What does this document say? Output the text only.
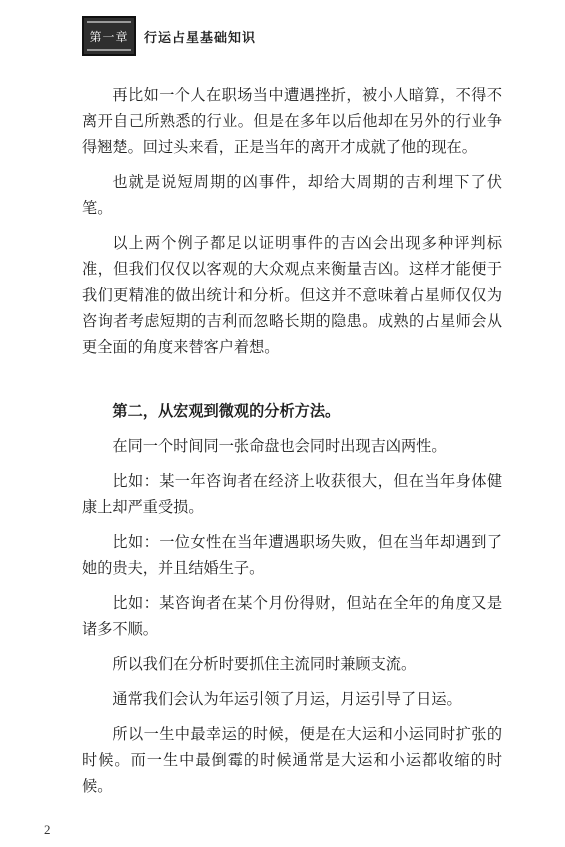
第一章 行运占星基础知识

再比如一个人在职场当中遭遇挫折，被小人暗算，不得不离开自己所熟悉的行业。但是在多年以后他却在另外的行业争得翘楚。回过头来看，正是当年的离开才成就了他的现在。

也就是说短周期的凶事件，却给大周期的吉利埋下了伏笔。

以上两个例子都足以证明事件的吉凶会出现多种评判标准，但我们仅仅以客观的大众观点来衡量吉凶。这样才能便于我们更精准的做出统计和分析。但这并不意味着占星师仅仅为咨询者考虑短期的吉利而忽略长期的隐患。成熟的占星师会从更全面的角度来替客户着想。

第二，从宏观到微观的分析方法。

在同一个时间同一张命盘也会同时出现吉凶两性。

比如：某一年咨询者在经济上收获很大，但在当年身体健康上却严重受损。

比如：一位女性在当年遭遇职场失败，但在当年却遇到了她的贵夫，并且结婚生子。

比如：某咨询者在某个月份得财，但站在全年的角度又是诸多不顺。

所以我们在分析时要抓住主流同时兼顾支流。

通常我们会认为年运引领了月运，月运引导了日运。

所以一生中最幸运的时候，便是在大运和小运同时扩张的时候。而一生中最倒霉的时候通常是大运和小运都收缩的时候。

2
